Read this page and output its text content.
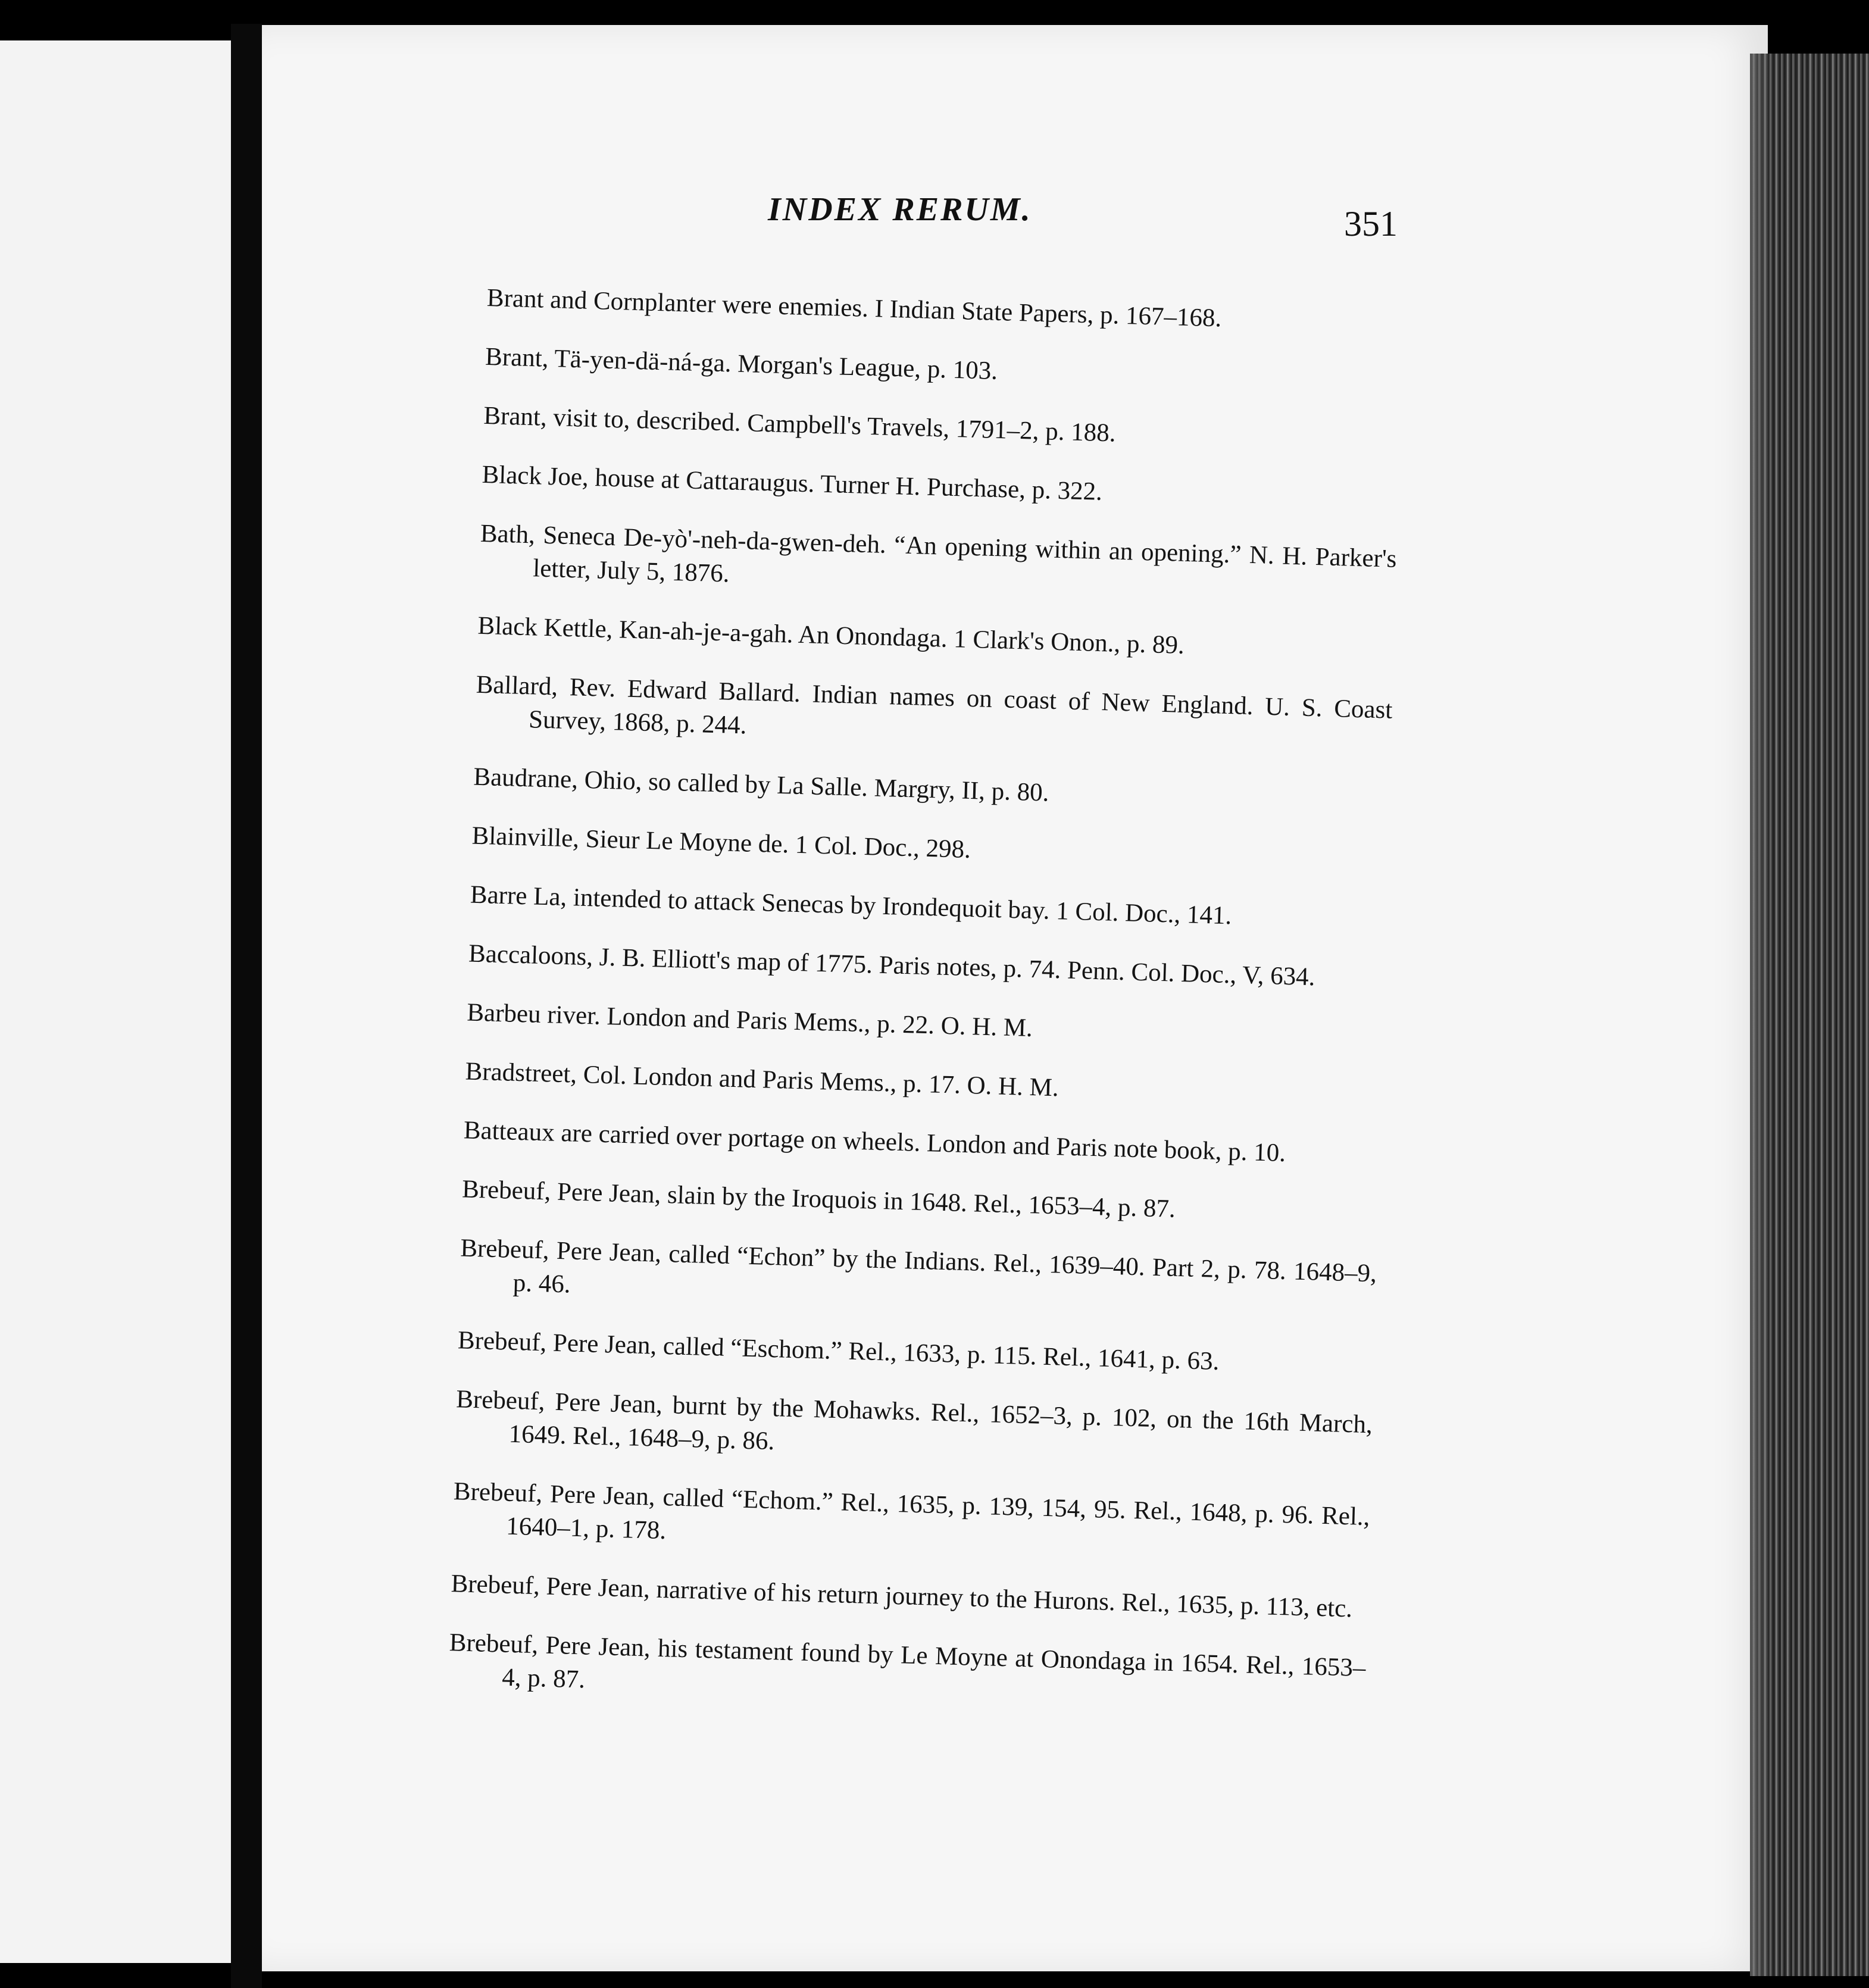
INDEX RERUM.	351

Brant and Cornplanter were enemies. I Indian State Papers, p. 167–168.

Brant, Tä-yen-dä-ná-ga. Morgan's League, p. 103.

Brant, visit to, described. Campbell's Travels, 1791–2, p. 188.

Black Joe, house at Cattaraugus. Turner H. Purchase, p. 322.

Bath, Seneca De-yò'-neh-da-gwen-deh. “An opening within an opening.” N. H. Parker's letter, July 5, 1876.

Black Kettle, Kan-ah-je-a-gah. An Onondaga. 1 Clark's Onon., p. 89.

Ballard, Rev. Edward Ballard. Indian names on coast of New England. U. S. Coast Survey, 1868, p. 244.

Baudrane, Ohio, so called by La Salle. Margry, II, p. 80.

Blainville, Sieur Le Moyne de. 1 Col. Doc., 298.

Barre La, intended to attack Senecas by Irondequoit bay. 1 Col. Doc., 141.

Baccaloons, J. B. Elliott's map of 1775. Paris notes, p. 74. Penn. Col. Doc., V, 634.

Barbeu river. London and Paris Mems., p. 22. O. H. M.

Bradstreet, Col. London and Paris Mems., p. 17. O. H. M.

Batteaux are carried over portage on wheels. London and Paris note book, p. 10.

Brebeuf, Pere Jean, slain by the Iroquois in 1648. Rel., 1653–4, p. 87.

Brebeuf, Pere Jean, called “Echon” by the Indians. Rel., 1639–40. Part 2, p. 78. 1648–9, p. 46.

Brebeuf, Pere Jean, called “Eschom.” Rel., 1633, p. 115. Rel., 1641, p. 63.

Brebeuf, Pere Jean, burnt by the Mohawks. Rel., 1652–3, p. 102, on the 16th March, 1649. Rel., 1648–9, p. 86.

Brebeuf, Pere Jean, called “Echom.” Rel., 1635, p. 139, 154, 95. Rel., 1648, p. 96. Rel., 1640–1, p. 178.

Brebeuf, Pere Jean, narrative of his return journey to the Hurons. Rel., 1635, p. 113, etc.

Brebeuf, Pere Jean, his testament found by Le Moyne at Onondaga in 1654. Rel., 1653–4, p. 87.
